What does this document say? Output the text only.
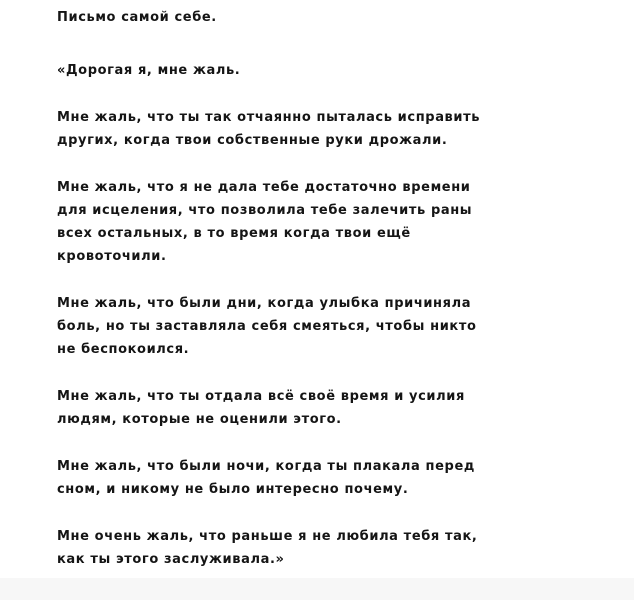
Письмо самой себе.
«Дорогая я, мне жаль.
Мне жаль, что ты так отчаянно пыталась исправить
других, когда твои собственные руки дрожали.
Мне жаль, что я не дала тебе достаточно времени
для исцеления, что позволила тебе залечить раны
всех остальных, в то время когда твои ещё
кровоточили.
Мне жаль, что были дни, когда улыбка причиняла
боль, но ты заставляла себя смеяться, чтобы никто
не беспокоился.
Мне жаль, что ты отдала всё своё время и усилия
людям, которые не оценили этого.
Мне жаль, что были ночи, когда ты плакала перед
сном, и никому не было интересно почему.
Мне очень жаль, что раньше я не любила тебя так,
как ты этого заслуживала.»
